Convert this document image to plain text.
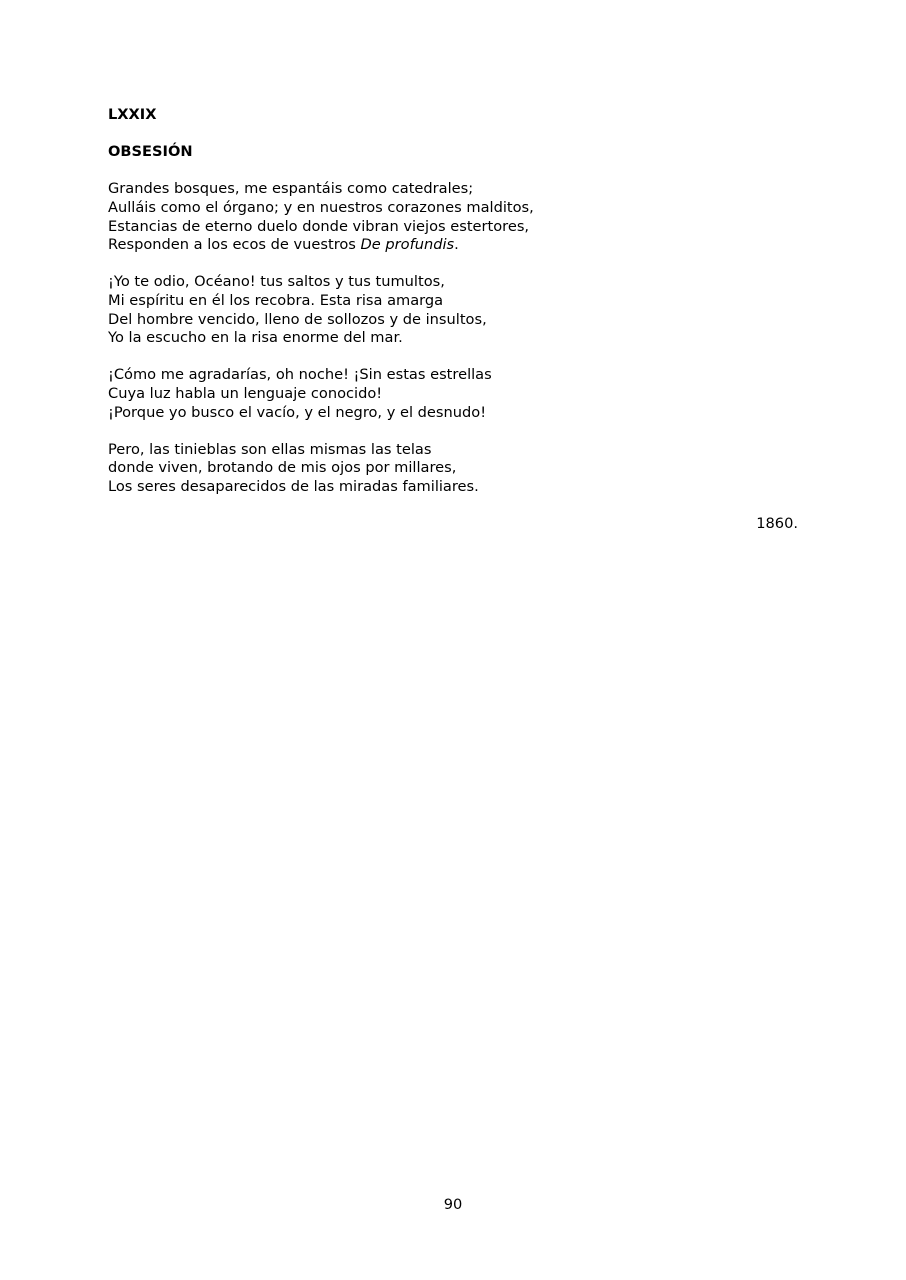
LXXIX

OBSESIÓN

Grandes bosques, me espantáis como catedrales;
Aulláis como el órgano; y en nuestros corazones malditos,
Estancias de eterno duelo donde vibran viejos estertores,
Responden a los ecos de vuestros De profundis.
¡Yo te odio, Océano! tus saltos y tus tumultos,
Mi espíritu en él los recobra. Esta risa amarga
Del hombre vencido, lleno de sollozos y de insultos,
Yo la escucho en la risa enorme del mar.
¡Cómo me agradarías, oh noche! ¡Sin estas estrellas
Cuya luz habla un lenguaje conocido!
¡Porque yo busco el vacío, y el negro, y el desnudo!
Pero, las tinieblas son ellas mismas las telas
donde viven, brotando de mis ojos por millares,
Los seres desaparecidos de las miradas familiares.

1860.

90
